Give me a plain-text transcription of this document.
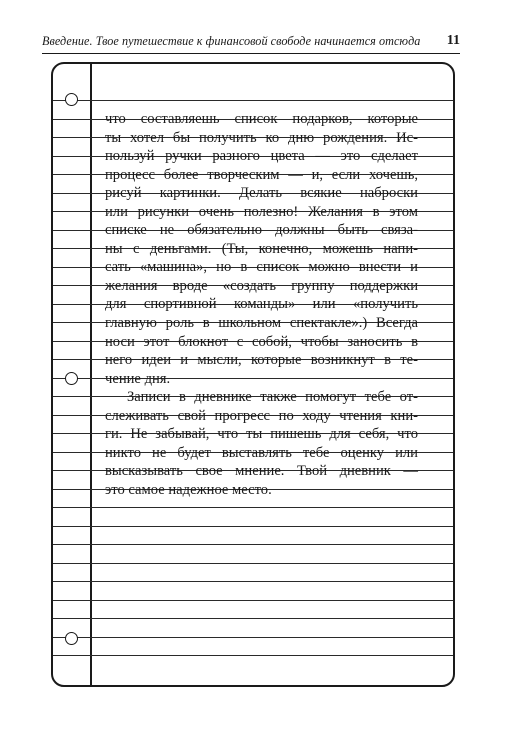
Введение. Твое путешествие к финансовой свободе начинается отсюда 11
что составляешь список подарков, которые
ты хотел бы получить ко дню рождения. Ис-
пользуй ручки разного цвета — это сделает
процесс более творческим — и, если хочешь,
рисуй картинки. Делать всякие наброски
или рисунки очень полезно! Желания в этом
списке не обязательно должны быть связа-
ны с деньгами. (Ты, конечно, можешь напи-
сать «машина», но в список можно внести и
желания вроде «создать группу поддержки
для спортивной команды» или «получить
главную роль в школьном спектакле».) Всегда
носи этот блокнот с собой, чтобы заносить в
него идеи и мысли, которые возникнут в те-
чение дня.
Записи в дневнике также помогут тебе от-
слеживать свой прогресс по ходу чтения кни-
ги. Не забывай, что ты пишешь для себя, что
никто не будет выставлять тебе оценку или
высказывать свое мнение. Твой дневник —
это самое надежное место.
